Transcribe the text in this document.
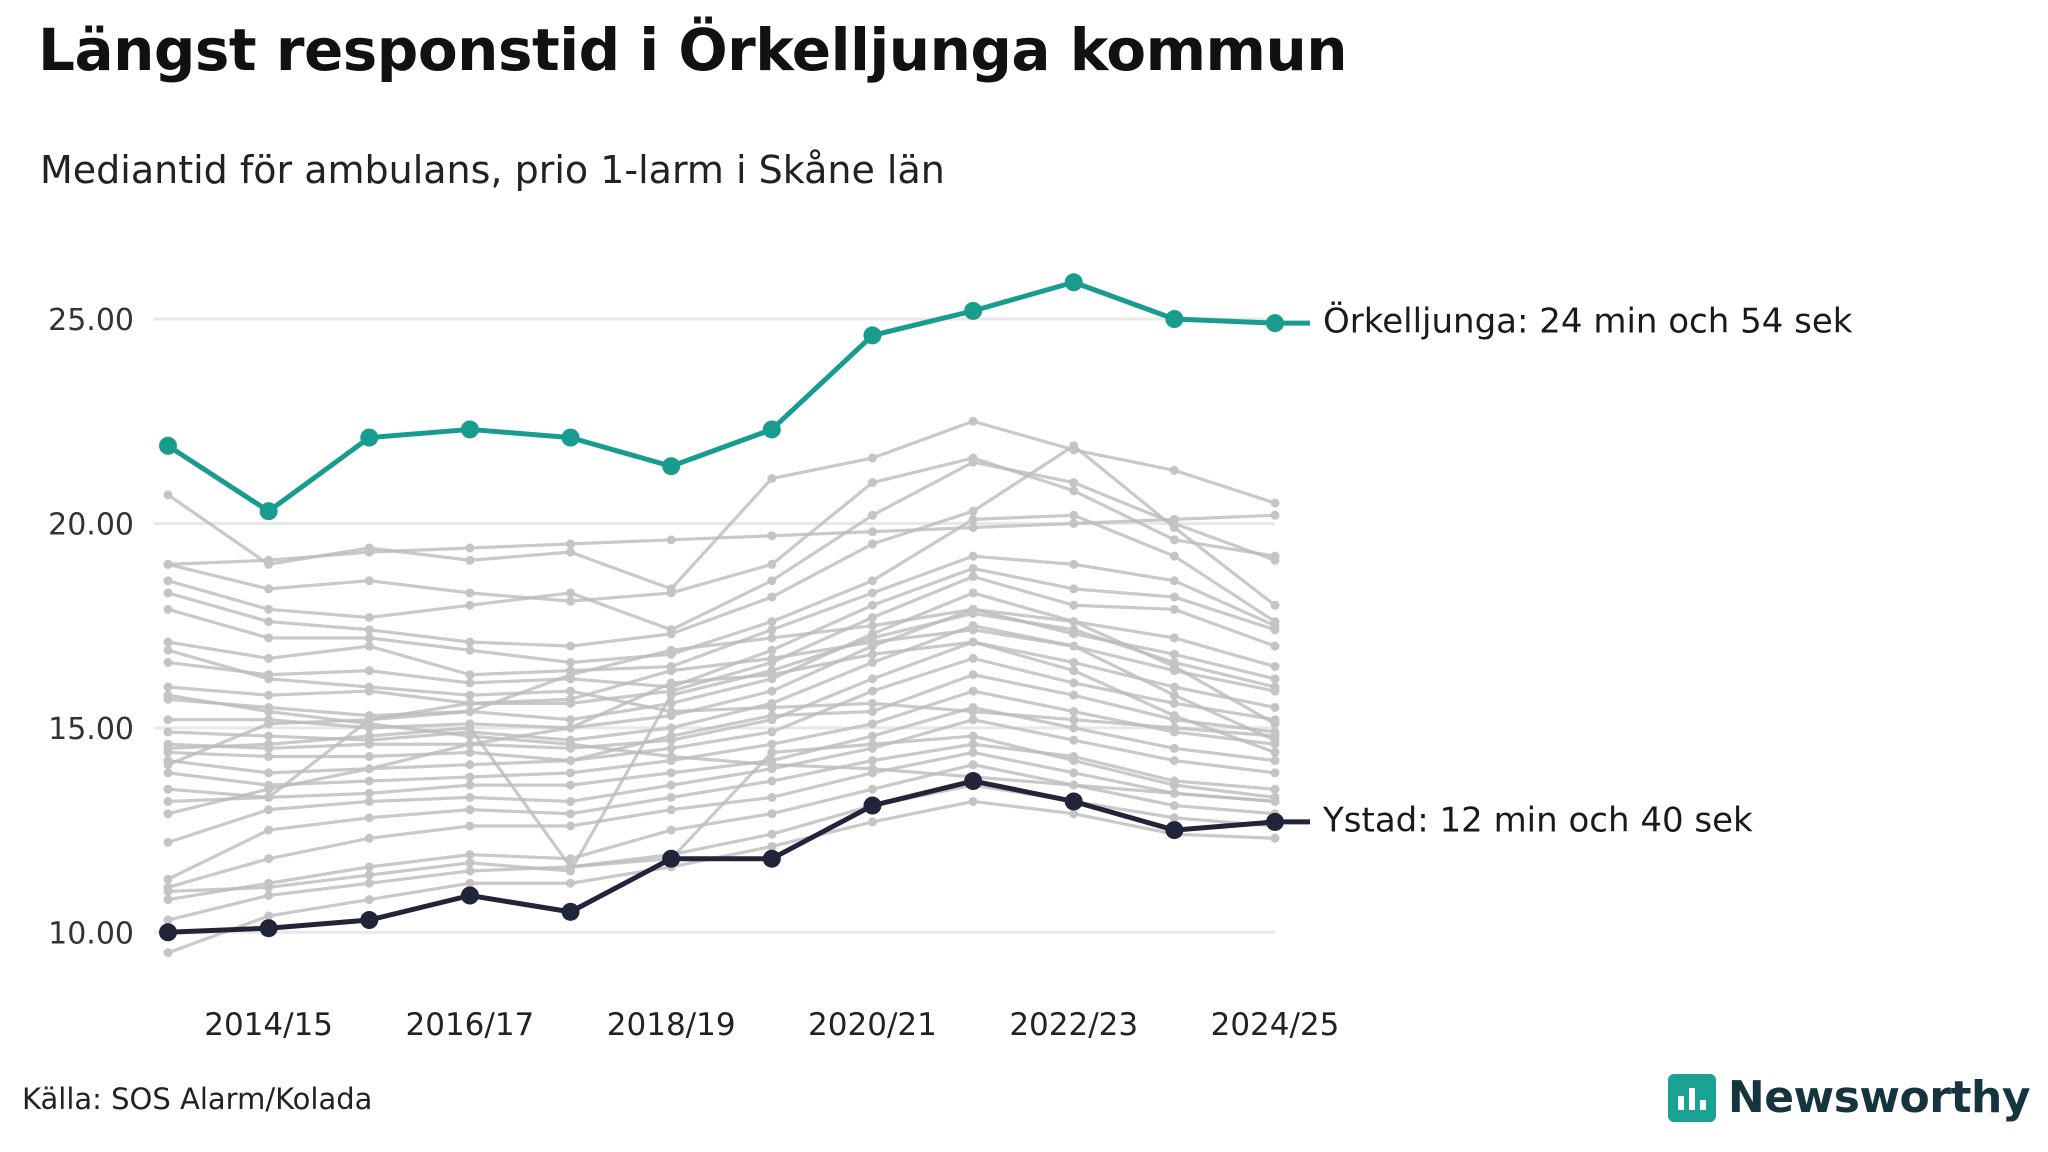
Längst responstid i Örkelljunga kommun
Mediantid för ambulans, prio 1-larm i Skåne län
10.00
15.00
20.00
25.00	Örkelljunga: 24 min och 54 sek
Ystad: 12 min och 40 sek
2014/15 2016/17 2018/19 2020/21 2022/23 2024/25
Källa: SOS Alarm/Kolada	Newsworthy
